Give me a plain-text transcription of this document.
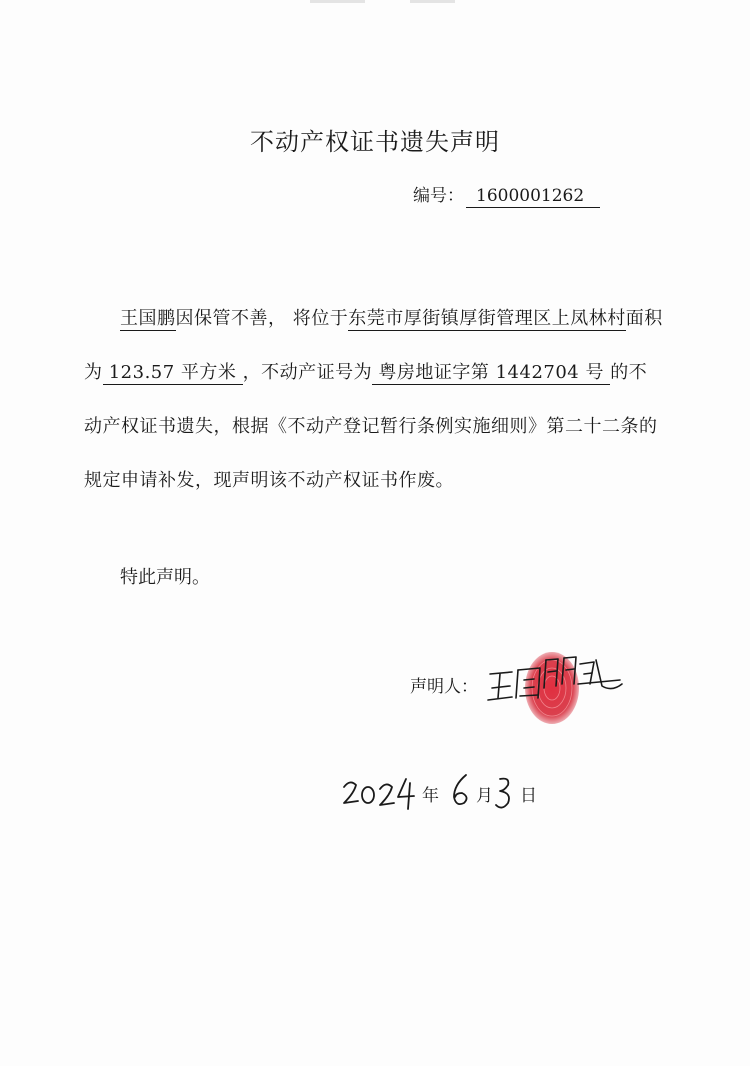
不动产权证书遗失声明
编号： 1600001262
王国鹏因保管不善， 将位于东莞市厚街镇厚街管理区上凤林村面积为 123.57 平方米 ，不动产证号为 粤房地证字第 1442704 号 的不动产权证书遗失，根据《不动产登记暂行条例实施细则》第二十二条的规定申请补发，现声明该不动产权证书作废。
特此声明。
声明人：
年 月 日
